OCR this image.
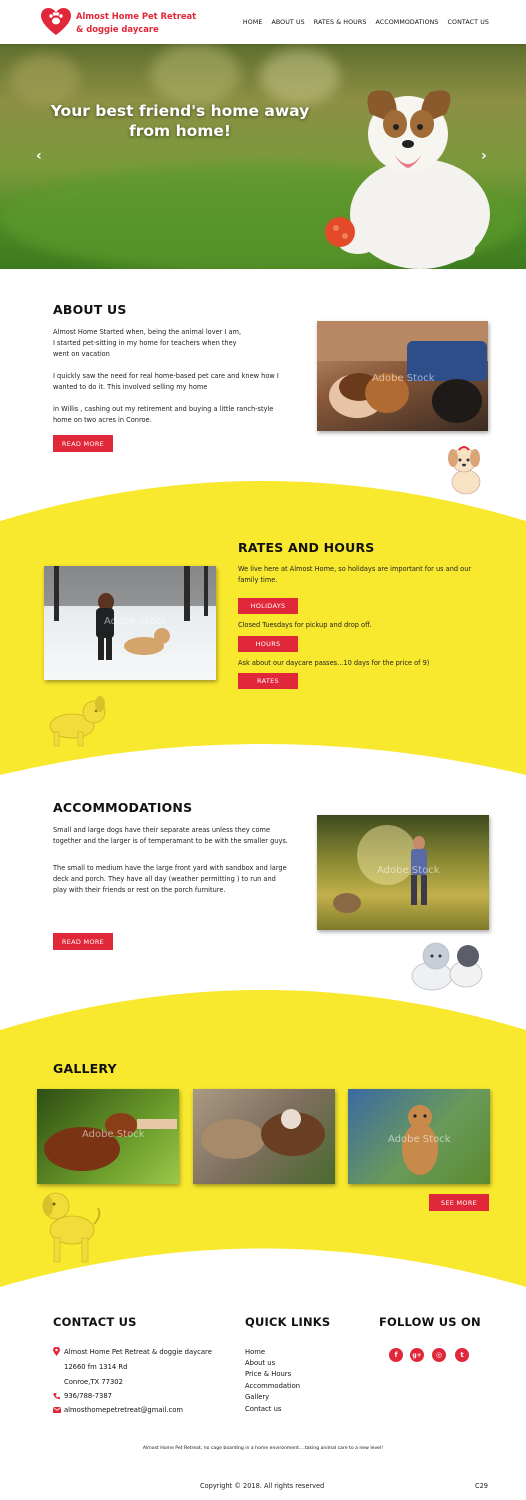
Almost Home Pet Retreat
& doggie daycare
HOME ABOUT US RATES & HOURS ACCOMMODATIONS CONTACT US
Your best friend's home away
from home!
‹	›
ABOUT US
Almost Home Started when, being the animal lover I am,
I started pet-sitting in my home for teachers when they
went on vacation
I quickly saw the need for real home-based pet care and knew how I
wanted to do it. This involved selling my home
in Willis , cashing out my retirement and buying a little ranch-style
home on two acres in Conroe.
READ MORE
Adobe Stock
Adobe Stock
RATES AND HOURS
We live here at Almost Home, so holidays are important for us and our
family time.
HOLIDAYS
Closed Tuesdays for pickup and drop off.
HOURS
Ask about our daycare passes...10 days for the price of 9)
RATES
ACCOMMODATIONS
Small and large dogs have their separate areas unless they come
together and the larger is of temperamant to be with the smaller guys.
The small to medium have the large front yard with sandbox and large
deck and porch. They have all day (weather permitting ) to run and
play with their friends or rest on the porch furniture.
READ MORE
Adobe Stock
GALLERY
Adobe Stock	Adobe Stock
SEE MORE
CONTACT US	QUICK LINKS	FOLLOW US ON
Almost Home Pet Retreat & doggie daycare
12660 fm 1314 Rd
Conroe,TX 77302
936/788-7387
almosthomepetretreat@gmail.com
Home
About us
Price & Hours
Accommodation
Gallery
Contact us
f	g+	◎	t
Almost Home Pet Retreat, no cage boarding in a home environment....taking animal care to a new level!
Copyright © 2018. All rights reserved	C29
